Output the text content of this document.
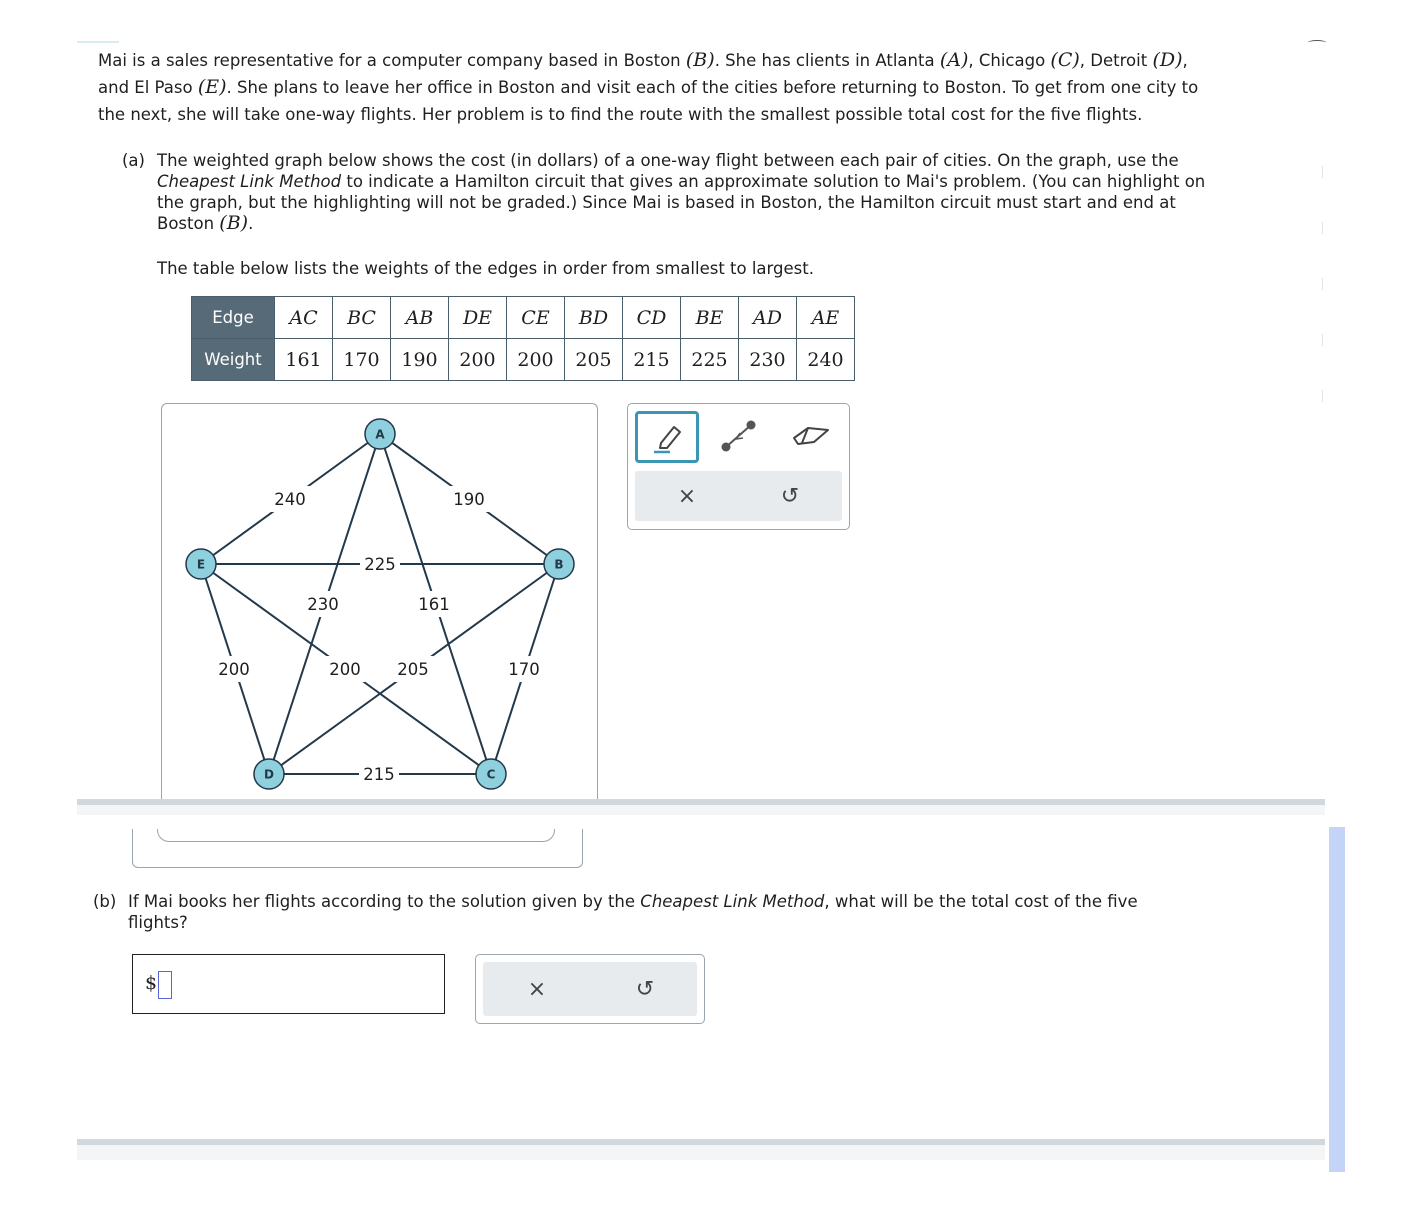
Mai is a sales representative for a computer company based in Boston (B). She has clients in Atlanta (A), Chicago (C), Detroit (D),

and El Paso (E). She plans to leave her office in Boston and visit each of the cities before returning to Boston. To get from one city to

the next, she will take one-way flights. Her problem is to find the route with the smallest possible total cost for the five flights.

(a) The weighted graph below shows the cost (in dollars) of a one-way flight between each pair of cities. On the graph, use the
Cheapest Link Method to indicate a Hamilton circuit that gives an approximate solution to Mai's problem. (You can highlight on
the graph, but the highlighting will not be graded.) Since Mai is based in Boston, the Hamilton circuit must start and end at
Boston (B).
The table below lists the weights of the edges in order from smallest to largest.
Edge	AC	BC	AB	DE	CE	BD	CD	BE	AD	AE
Weight	161	170	190	200	200	205	215	225	230	240
240	190
225
230	161
200	205
200	170
215
A
B
C
D
E
×	↺
(b) If Mai books her flights according to the solution given by the Cheapest Link Method, what will be the total cost of the five
flights?
$	×	↺
